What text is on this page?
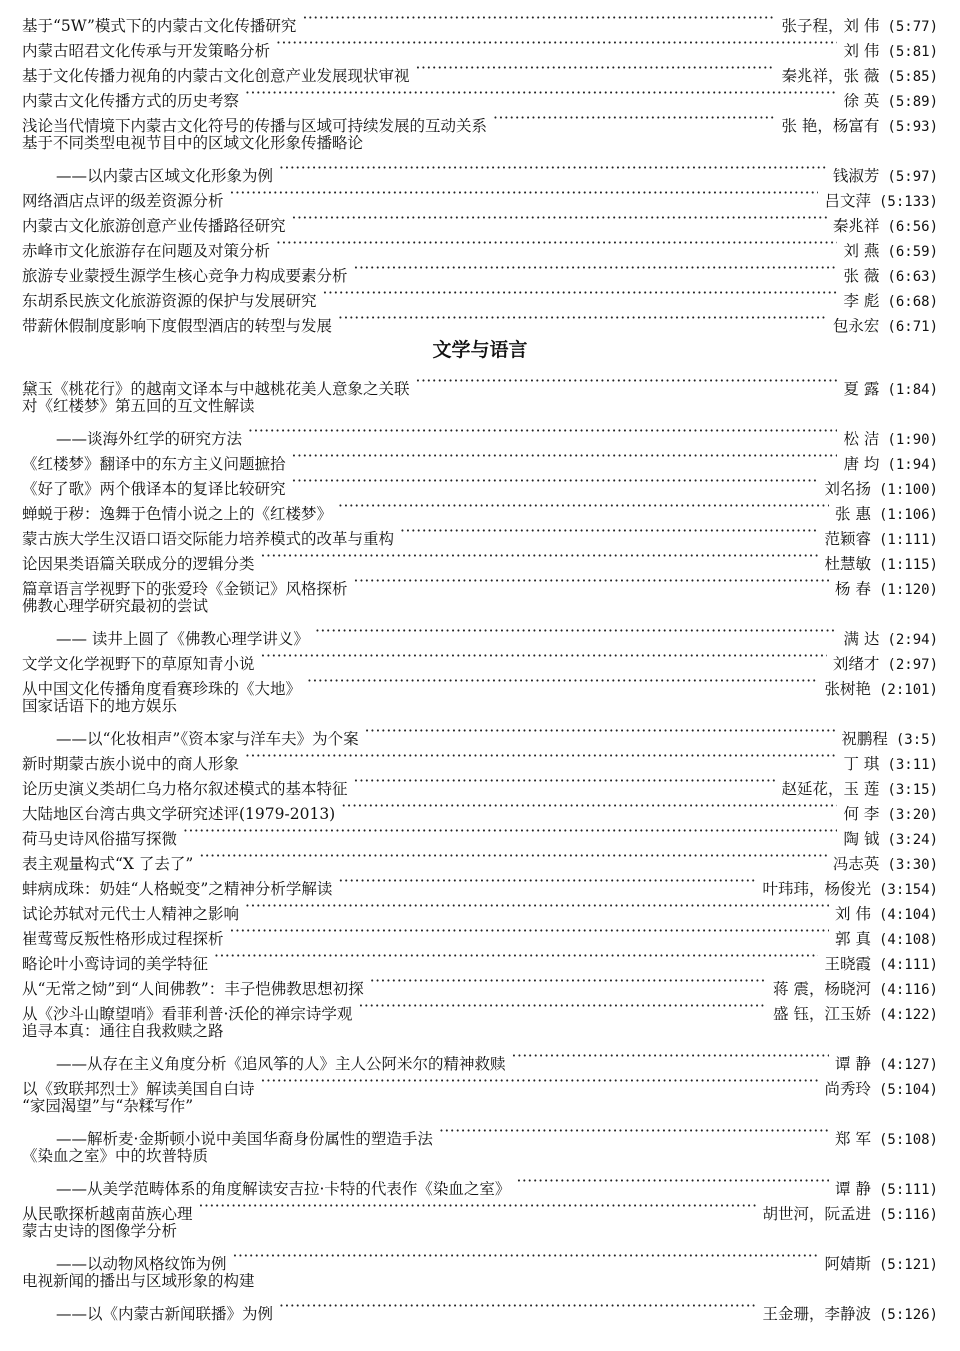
基于“5W”模式下的内蒙古文化传播研究 ·····	张子程，刘 伟 (5:77)
内蒙古昭君文化传承与开发策略分析 ·····	刘 伟 (5:81)
基于文化传播力视角的内蒙古文化创意产业发展现状审视 ·····	秦兆祥，张 薇 (5:85)
内蒙古文化传播方式的历史考察 ·····	徐 英 (5:89)
浅论当代情境下内蒙古文化符号的传播与区域可持续发展的互动关系 ·····	张 艳，杨富有 (5:93)
基于不同类型电视节目中的区域文化形象传播略论
——以内蒙古区域文化形象为例 ·····	钱淑芳 (5:97)
网络酒店点评的级差资源分析 ·····	吕文萍 (5:133)
内蒙古文化旅游创意产业传播路径研究 ·····	秦兆祥 (6:56)
赤峰市文化旅游存在问题及对策分析 ·····	刘 燕 (6:59)
旅游专业蒙授生源学生核心竞争力构成要素分析 ·····	张 薇 (6:63)
东胡系民族文化旅游资源的保护与发展研究 ·····	李 彪 (6:68)
带薪休假制度影响下度假型酒店的转型与发展 ·····	包永宏 (6:71)
文学与语言
黛玉《桃花行》的越南文译本与中越桃花美人意象之关联 ·····	夏 露 (1:84)
对《红楼梦》第五回的互文性解读
——谈海外红学的研究方法 ·····	松 洁 (1:90)
《红楼梦》翻译中的东方主义问题摭拾 ·····	唐 均 (1:94)
《好了歌》两个俄译本的复译比较研究 ·····	刘名扬 (1:100)
蝉蜕于秽：逸舞于色情小说之上的《红楼梦》 ·····	张 惠 (1:106)
蒙古族大学生汉语口语交际能力培养模式的改革与重构 ·····	范颖睿 (1:111)
论因果类语篇关联成分的逻辑分类 ·····	杜慧敏 (1:115)
篇章语言学视野下的张爱玲《金锁记》风格探析 ·····	杨 春 (1:120)
佛教心理学研究最初的尝试
—— 读井上圆了《佛教心理学讲义》 ·····	满 达 (2:94)
文学文化学视野下的草原知青小说 ·····	刘绪才 (2:97)
从中国文化传播角度看赛珍珠的《大地》 ·····	张树艳 (2:101)
国家话语下的地方娱乐
——以“化妆相声”《资本家与洋车夫》为个案 ·····	祝鹏程 (3:5)
新时期蒙古族小说中的商人形象 ·····	丁 琪 (3:11)
论历史演义类胡仁乌力格尔叙述模式的基本特征 ·····	赵延花，玉 莲 (3:15)
大陆地区台湾古典文学研究述评(1979-2013) ·····	何 李 (3:20)
荷马史诗风俗描写探微 ·····	陶 钺 (3:24)
表主观量构式“X 了去了” ·····	冯志英 (3:30)
蚌病成珠：奶娃“人格蜕变”之精神分析学解读 ·····	叶玮玮，杨俊光 (3:154)
试论苏轼对元代士人精神之影响 ·····	刘 伟 (4:104)
崔莺莺反叛性格形成过程探析 ·····	郭 真 (4:108)
略论叶小鸾诗词的美学特征 ·····	王晓霞 (4:111)
从“无常之恸”到“人间佛教”：丰子恺佛教思想初探 ·····	蒋 震，杨晓河 (4:116)
从《沙斗山瞭望哨》看菲利普·沃伦的禅宗诗学观 ·····	盛 钰，江玉娇 (4:122)
追寻本真：通往自我救赎之路
——从存在主义角度分析《追风筝的人》主人公阿米尔的精神救赎 ·····	谭 静 (4:127)
以《致联邦烈士》解读美国自白诗 ·····	尚秀玲 (5:104)
“家园渴望”与“杂糅写作”
——解析麦·金斯顿小说中美国华裔身份属性的塑造手法 ·····	郑 军 (5:108)
《染血之室》中的坎普特质
——从美学范畴体系的角度解读安吉拉·卡特的代表作《染血之室》 ·····	谭 静 (5:111)
从民歌探析越南苗族心理 ·····	胡世河，阮孟进 (5:116)
蒙古史诗的图像学分析
——以动物风格纹饰为例 ·····	阿婧斯 (5:121)
电视新闻的播出与区域形象的构建
——以《内蒙古新闻联播》为例 ·····	王金珊，李静波 (5:126)
